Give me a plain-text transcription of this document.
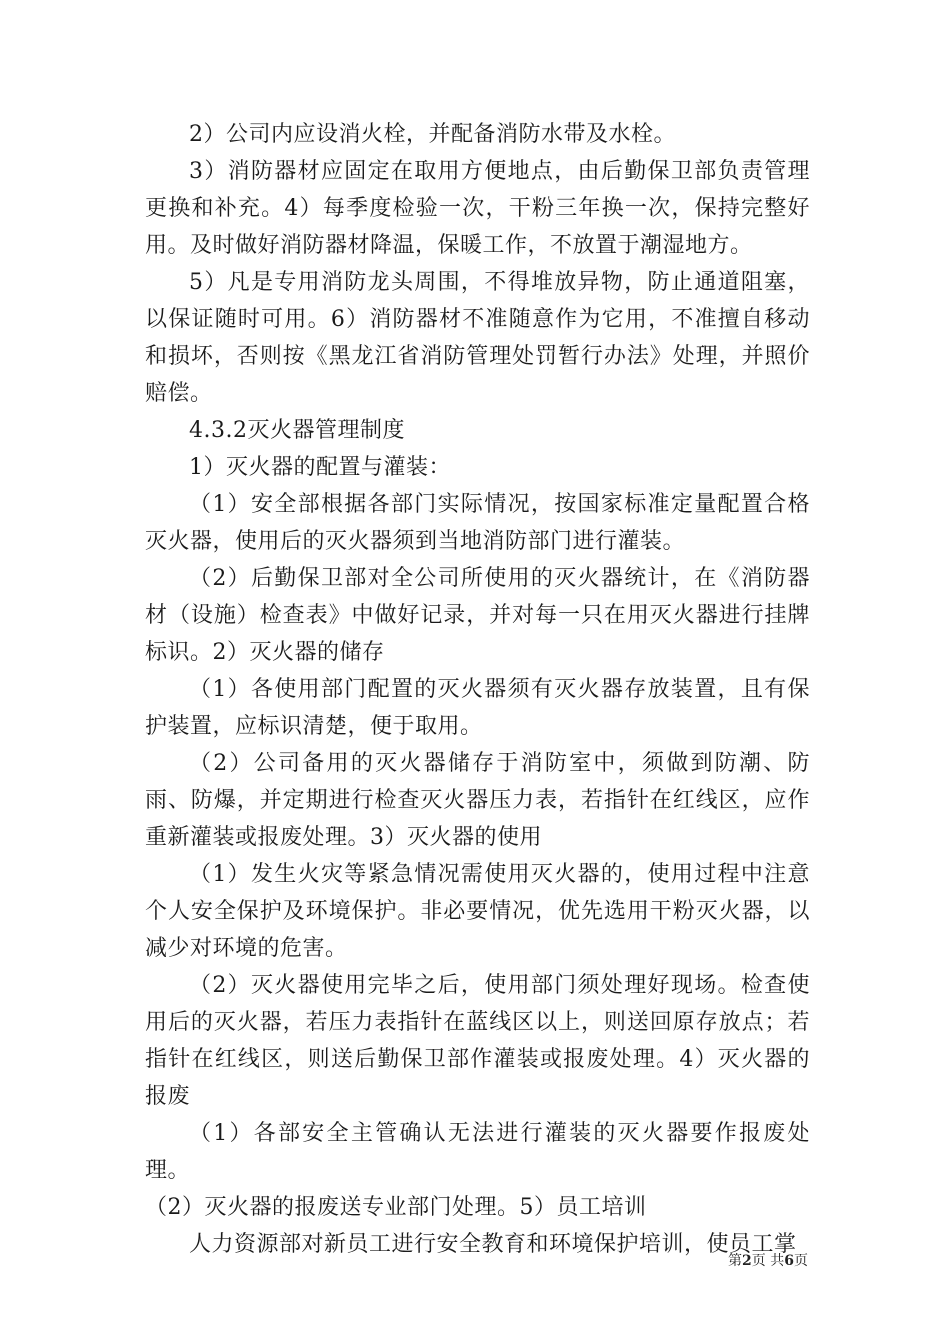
2）公司内应设消火栓，并配备消防水带及水栓。

3）消防器材应固定在取用方便地点，由后勤保卫部负责管理更换和补充。4）每季度检验一次，干粉三年换一次，保持完整好用。及时做好消防器材降温，保暖工作，不放置于潮湿地方。

5）凡是专用消防龙头周围，不得堆放异物，防止通道阻塞，以保证随时可用。6）消防器材不准随意作为它用，不准擅自移动和损坏，否则按《黑龙江省消防管理处罚暂行办法》处理，并照价赔偿。

4.3.2灭火器管理制度

1）灭火器的配置与灌装：

（1）安全部根据各部门实际情况，按国家标准定量配置合格灭火器，使用后的灭火器须到当地消防部门进行灌装。

（2）后勤保卫部对全公司所使用的灭火器统计，在《消防器材（设施）检查表》中做好记录，并对每一只在用灭火器进行挂牌标识。2）灭火器的储存

（1）各使用部门配置的灭火器须有灭火器存放装置，且有保护装置，应标识清楚，便于取用。

（2）公司备用的灭火器储存于消防室中，须做到防潮、防雨、防爆，并定期进行检查灭火器压力表，若指针在红线区，应作重新灌装或报废处理。3）灭火器的使用

（1）发生火灾等紧急情况需使用灭火器的，使用过程中注意个人安全保护及环境保护。非必要情况，优先选用干粉灭火器，以减少对环境的危害。

（2）灭火器使用完毕之后，使用部门须处理好现场。检查使用后的灭火器，若压力表指针在蓝线区以上，则送回原存放点；若指针在红线区，则送后勤保卫部作灌装或报废处理。4）灭火器的报废

（1）各部安全主管确认无法进行灌装的灭火器要作报废处理。

（2）灭火器的报废送专业部门处理。5）员工培训

人力资源部对新员工进行安全教育和环境保护培训，使员工掌

第2页 共6页
